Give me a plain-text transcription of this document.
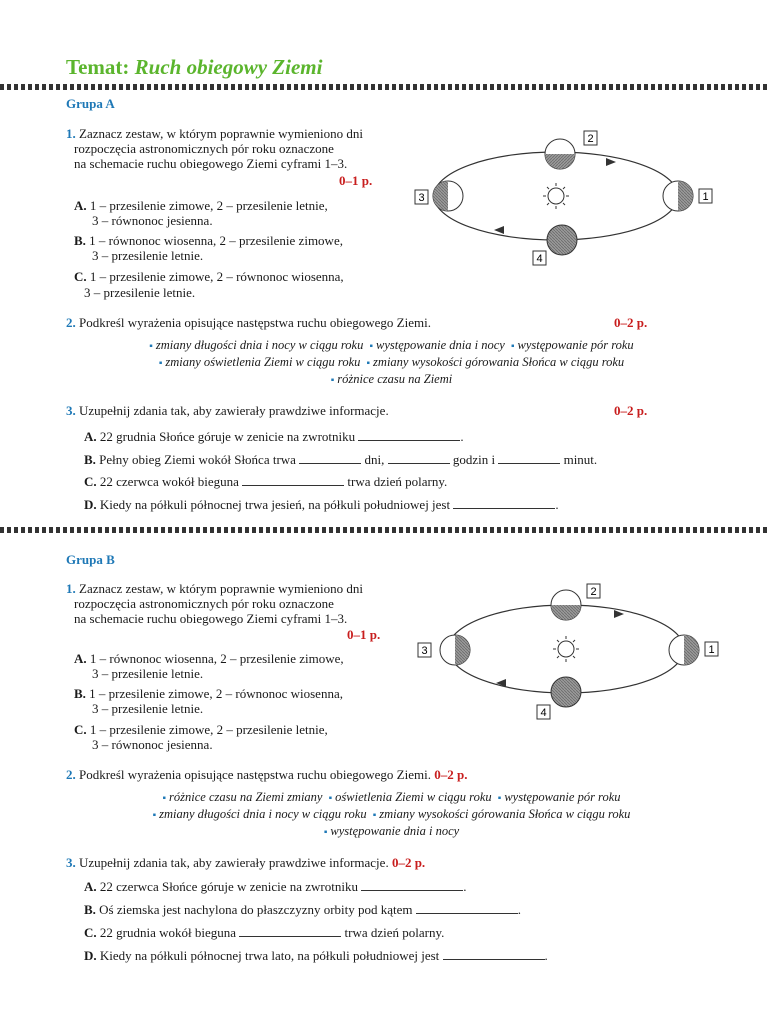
Temat: Ruch obiegowy Ziemi
Grupa A
1. Zaznacz zestaw, w którym poprawnie wymieniono dni
rozpoczęcia astronomicznych pór roku oznaczone
na schemacie ruchu obiegowego Ziemi cyframi 1–3.
0–1 p.
A. 1 – przesilenie zimowe, 2 – przesilenie letnie,
3 – równonoc jesienna.
B. 1 – równonoc wiosenna, 2 – przesilenie zimowe,
3 – przesilenie letnie.
C. 1 – przesilenie zimowe, 2 – równonoc wiosenna,
3 – przesilenie letnie.
1
2
3
4
2. Podkreśl wyrażenia opisujące następstwa ruchu obiegowego Ziemi.	0–2 p.
▪ zmiany długości dnia i nocy w ciągu roku ▪ występowanie dnia i nocy ▪ występowanie pór roku
▪ zmiany oświetlenia Ziemi w ciągu roku ▪ zmiany wysokości górowania Słońca w ciągu roku
▪ różnice czasu na Ziemi
3. Uzupełnij zdania tak, aby zawierały prawdziwe informacje.	0–2 p.
A. 22 grudnia Słońce góruje w zenicie na zwrotniku	.
B. Pełny obieg Ziemi wokół Słońca trwa	dni,	godzin i	minut.
C. 22 czerwca wokół bieguna	trwa dzień polarny.
D. Kiedy na półkuli północnej trwa jesień, na półkuli południowej jest	.
Grupa B
1. Zaznacz zestaw, w którym poprawnie wymieniono dni
rozpoczęcia astronomicznych pór roku oznaczone
na schemacie ruchu obiegowego Ziemi cyframi 1–3.
0–1 p.
A. 1 – równonoc wiosenna, 2 – przesilenie zimowe,
3 – przesilenie letnie.
B. 1 – przesilenie zimowe, 2 – równonoc wiosenna,
3 – przesilenie letnie.
C. 1 – przesilenie zimowe, 2 – przesilenie letnie,
3 – równonoc jesienna.
1
2
3
4
2. Podkreśl wyrażenia opisujące następstwa ruchu obiegowego Ziemi. 0–2 p.
▪ różnice czasu na Ziemi zmiany ▪ oświetlenia Ziemi w ciągu roku ▪ występowanie pór roku
▪ zmiany długości dnia i nocy w ciągu roku ▪ zmiany wysokości górowania Słońca w ciągu roku
▪ występowanie dnia i nocy
3. Uzupełnij zdania tak, aby zawierały prawdziwe informacje. 0–2 p.
A. 22 czerwca Słońce góruje w zenicie na zwrotniku	.
B. Oś ziemska jest nachylona do płaszczyzny orbity pod kątem	.
C. 22 grudnia wokół bieguna	trwa dzień polarny.
D. Kiedy na półkuli północnej trwa lato, na półkuli południowej jest	.
